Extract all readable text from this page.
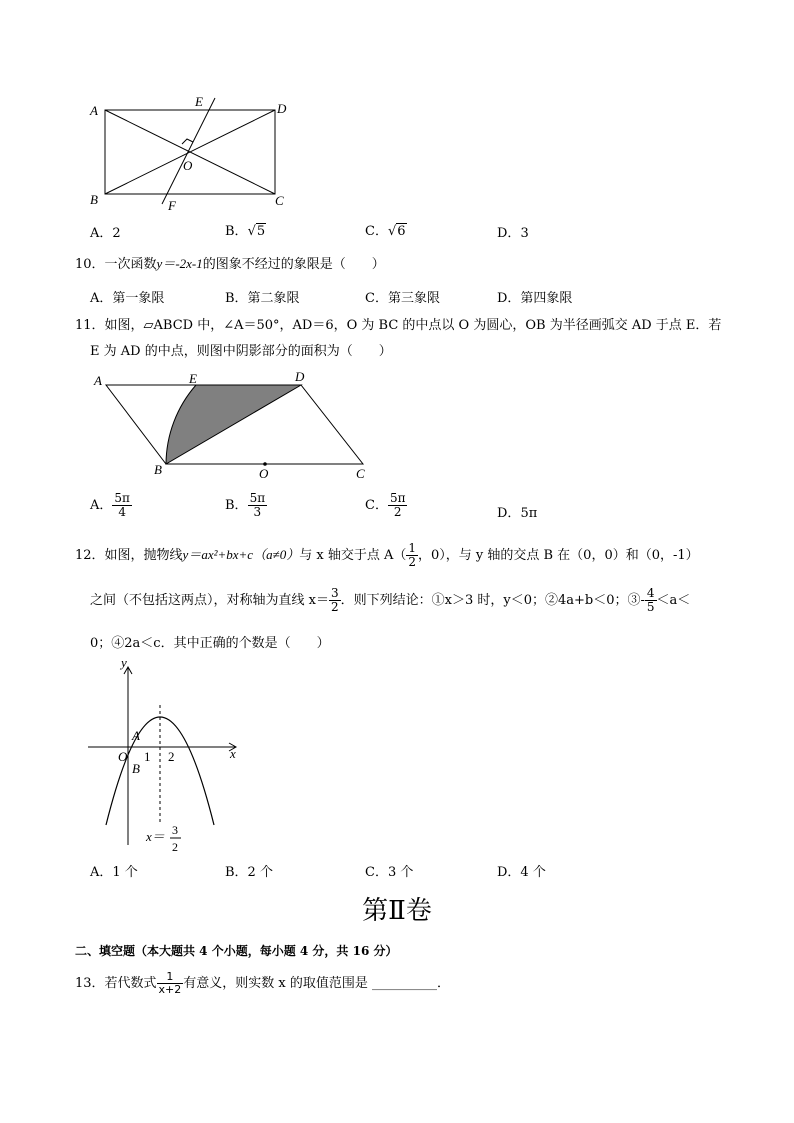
A
E	D
B	C
F
O
A．2	B．√5	C．√6	D．3
10．一次函数y＝-2x-1的图象不经过的象限是（　　）
A．第一象限	B．第二象限	C．第三象限	D．第四象限
11．如图，▱ABCD 中，∠A＝50°，AD＝6，O 为 BC 的中点以 O 为圆心，OB 为半径画弧交 AD 于点 E．若
E 为 AD 的中点，则图中阴影部分的面积为（　　）
A	E	D
B	O	C
A． $\frac{5\pi}{4}$	B． $\frac{5\pi}{3}$	C． $\frac{5\pi}{2}$	D．5π
12．如图，抛物线y＝ax²+bx+c（a≠0）与 x 轴交于点 $A( \frac{1}{2}$ ，0），与 y 轴的交点 B 在（0，0）和（0，-1）
之间（不包括这两点），对称轴为直线 $x= \frac{3}{2}$ ．则下列结论：①x＞3 时，y＜0；②4a+b＜0；③- $\frac{4}{5} <a<$
0；④2a＜c．其中正确的个数是（　　）
y
x
O
A
B
1 2
x＝ 3
2
A．1 个	B．2 个	C．3 个	D．4 个
第Ⅱ卷
二、填空题（本大题共 4 个小题，每小题 4 分，共 16 分）
13．若代数式 $\frac{1}{x+2}$ 有意义，则实数 x 的取值范围是 __________．
